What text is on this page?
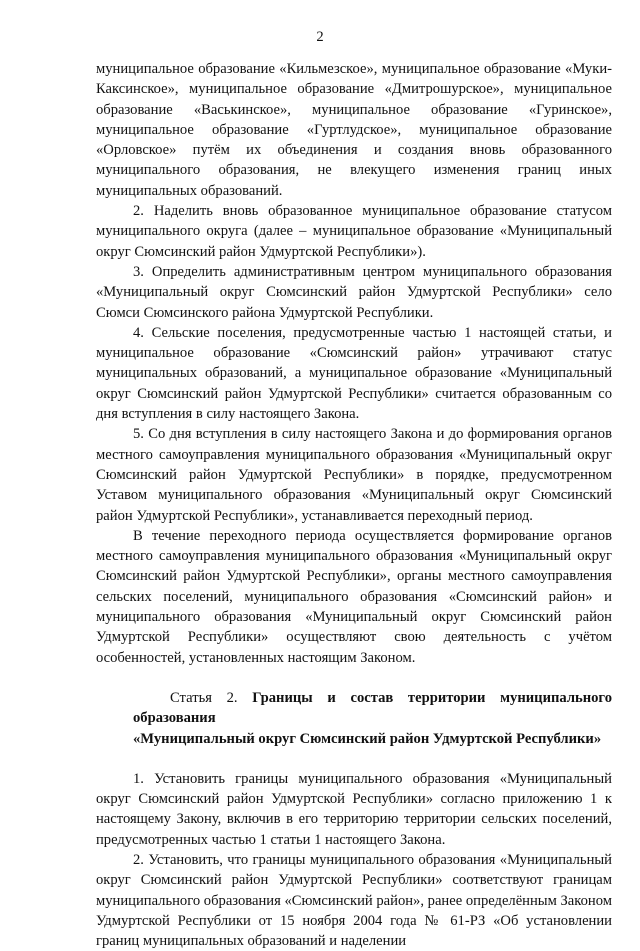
2

муниципальное образование «Кильмезское», муниципальное образование «Муки-Каксинское», муниципальное образование «Дмитрошурское», муниципальное образование «Васькинское», муниципальное образование «Гуринское», муниципальное образование «Гуртлудское», муниципальное образование «Орловское» путём их объединения и создания вновь образованного муниципального образования, не влекущего изменения границ иных муниципальных образований.

2. Наделить вновь образованное муниципальное образование статусом муниципального округа (далее – муниципальное образование «Муниципальный округ Сюмсинский район Удмуртской Республики»).

3. Определить административным центром муниципального образования «Муниципальный округ Сюмсинский район Удмуртской Республики» село Сюмси Сюмсинского района Удмуртской Республики.

4. Сельские поселения, предусмотренные частью 1 настоящей статьи, и муниципальное образование «Сюмсинский район» утрачивают статус муниципальных образований, а муниципальное образование «Муниципальный округ Сюмсинский район Удмуртской Республики» считается образованным со дня вступления в силу настоящего Закона.

5. Со дня вступления в силу настоящего Закона и до формирования органов местного самоуправления муниципального образования «Муниципальный округ Сюмсинский район Удмуртской Республики» в порядке, предусмотренном Уставом муниципального образования «Муниципальный округ Сюмсинский район Удмуртской Республики», устанавливается переходный период.

В течение переходного периода осуществляется формирование органов местного самоуправления муниципального образования «Муниципальный округ Сюмсинский район Удмуртской Республики», органы местного самоуправления сельских поселений, муниципального образования «Сюмсинский район» и муниципального образования «Муниципальный округ Сюмсинский район Удмуртской Республики» осуществляют свою деятельность с учётом особенностей, установленных настоящим Законом.

Статья 2. Границы и состав территории муниципального образования
«Муниципальный округ Сюмсинский район Удмуртской Республики»

1. Установить границы муниципального образования «Муниципальный округ Сюмсинский район Удмуртской Республики» согласно приложению 1 к настоящему Закону, включив в его территорию территории сельских поселений, предусмотренных частью 1 статьи 1 настоящего Закона.

2. Установить, что границы муниципального образования «Муниципальный округ Сюмсинский район Удмуртской Республики» соответствуют границам муниципального образования «Сюмсинский район», ранее определённым Законом Удмуртской Республики от 15 ноября 2004 года № 61-РЗ «Об установлении границ муниципальных образований и наделении
